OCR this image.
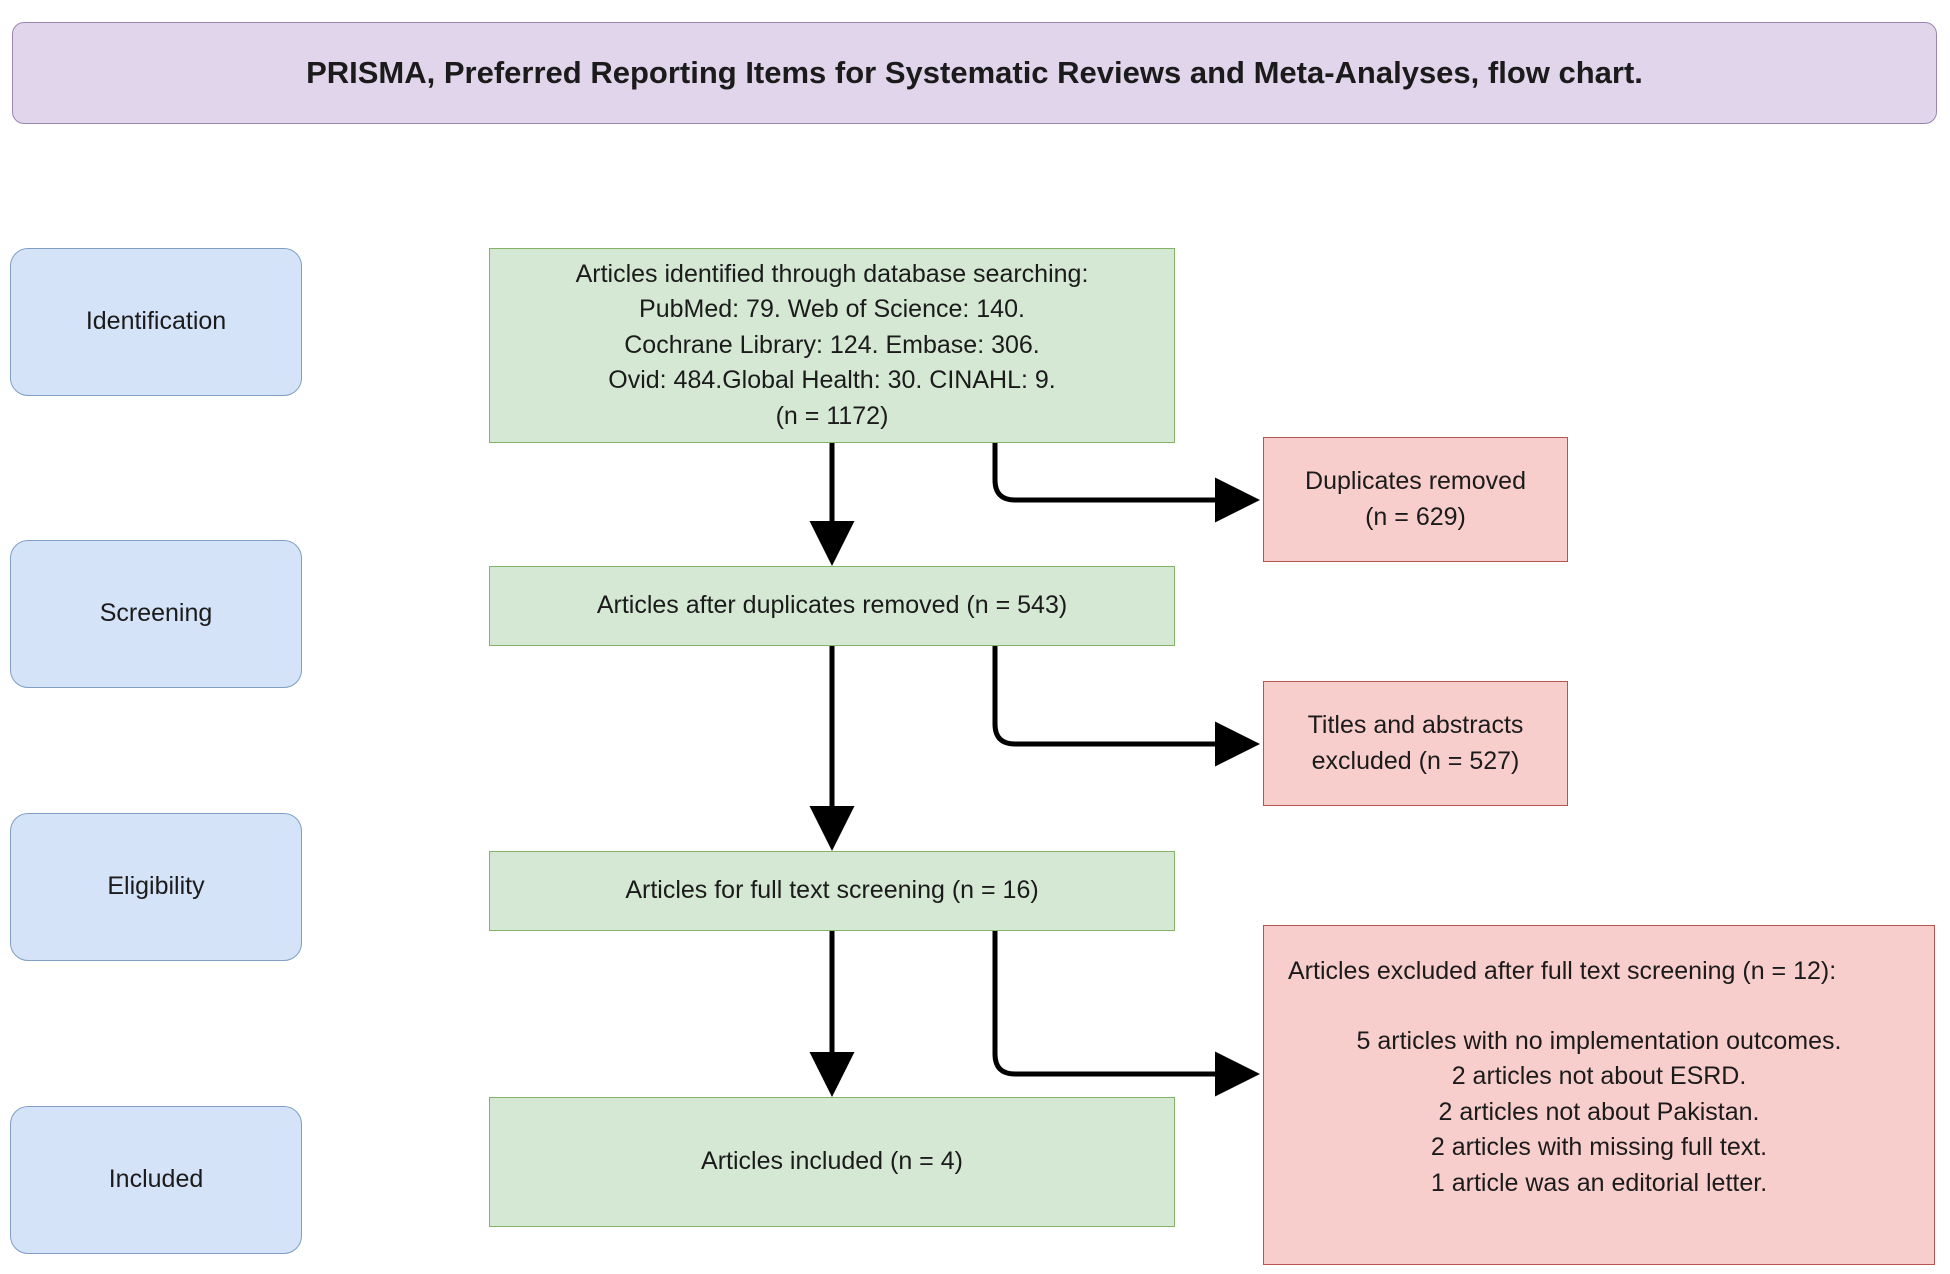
PRISMA, Preferred Reporting Items for Systematic Reviews and Meta-Analyses, flow chart.
Identification
Screening
Eligibility
Included
Articles identified through database searching:
PubMed: 79. Web of Science: 140.
Cochrane Library: 124. Embase: 306.
Ovid: 484.Global Health: 30. CINAHL: 9.
(n = 1172)
Articles after duplicates removed (n = 543)
Articles for full text screening (n = 16)
Articles included (n = 4)
Duplicates removed
(n = 629)
Titles and abstracts
excluded (n = 527)
Articles excluded after full text screening (n = 12):
5 articles with no implementation outcomes.
2 articles not about ESRD.
2 articles not about Pakistan.
2 articles with missing full text.
1 article was an editorial letter.
